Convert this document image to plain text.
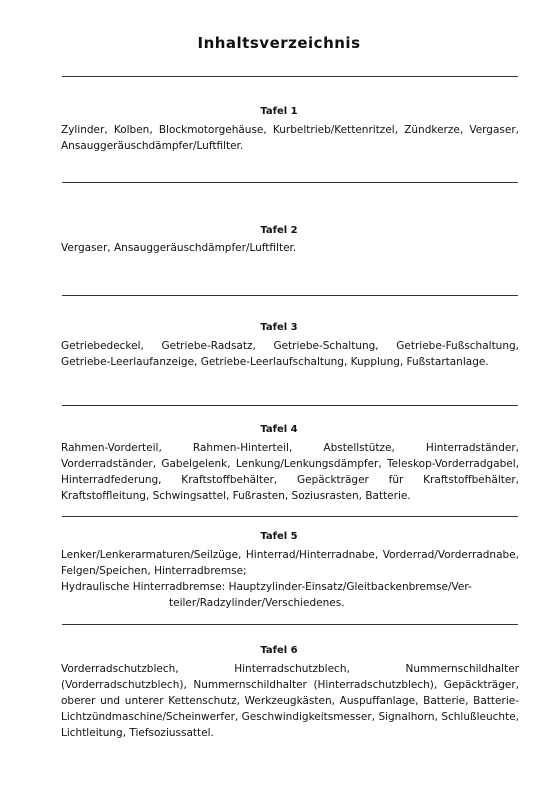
Inhaltsverzeichnis
Tafel 1

Zylinder, Kolben, Blockmotorgehäuse, Kurbeltrieb/Kettenritzel, Zündkerze, Vergaser, Ansauggeräuschdämpfer/Luftfilter.

Tafel 2

Vergaser, Ansauggeräuschdämpfer/Luftfilter.

Tafel 3

Getriebedeckel, Getriebe-Radsatz, Getriebe-Schaltung, Getriebe-Fußschaltung, Getriebe-Leerlaufanzeige, Getriebe-Leerlaufschaltung, Kupplung, Fußstartanlage.

Tafel 4

Rahmen-Vorderteil, Rahmen-Hinterteil, Abstellstütze, Hinterradständer, Vorderradständer, Gabelgelenk, Lenkung/Lenkungsdämpfer, Teleskop-Vorderradgabel, Hinterradfederung, Kraftstoffbehälter, Gepäckträger für Kraftstoffbehälter, Kraftstoffleitung, Schwingsattel, Fußrasten, Soziusrasten, Batterie.

Tafel 5

Lenker/Lenkerarmaturen/Seilzüge, Hinterrad/Hinterradnabe, Vorderrad/Vorderradnabe, Felgen/Speichen, Hinterradbremse;

Hydraulische Hinterradbremse: Hauptzylinder-Einsatz/Gleitbackenbremse/Ver-

teiler/Radzylinder/Verschiedenes.

Tafel 6

Vorderradschutzblech, Hinterradschutzblech, Nummernschildhalter (Vorderradschutzblech), Nummernschildhalter (Hinterradschutzblech), Gepäckträger, oberer und unterer Kettenschutz, Werkzeugkästen, Auspuffanlage, Batterie, Batterie-Lichtzündmaschine/Scheinwerfer, Geschwindigkeitsmesser, Signalhorn, Schlußleuchte, Lichtleitung, Tiefsoziussattel.
